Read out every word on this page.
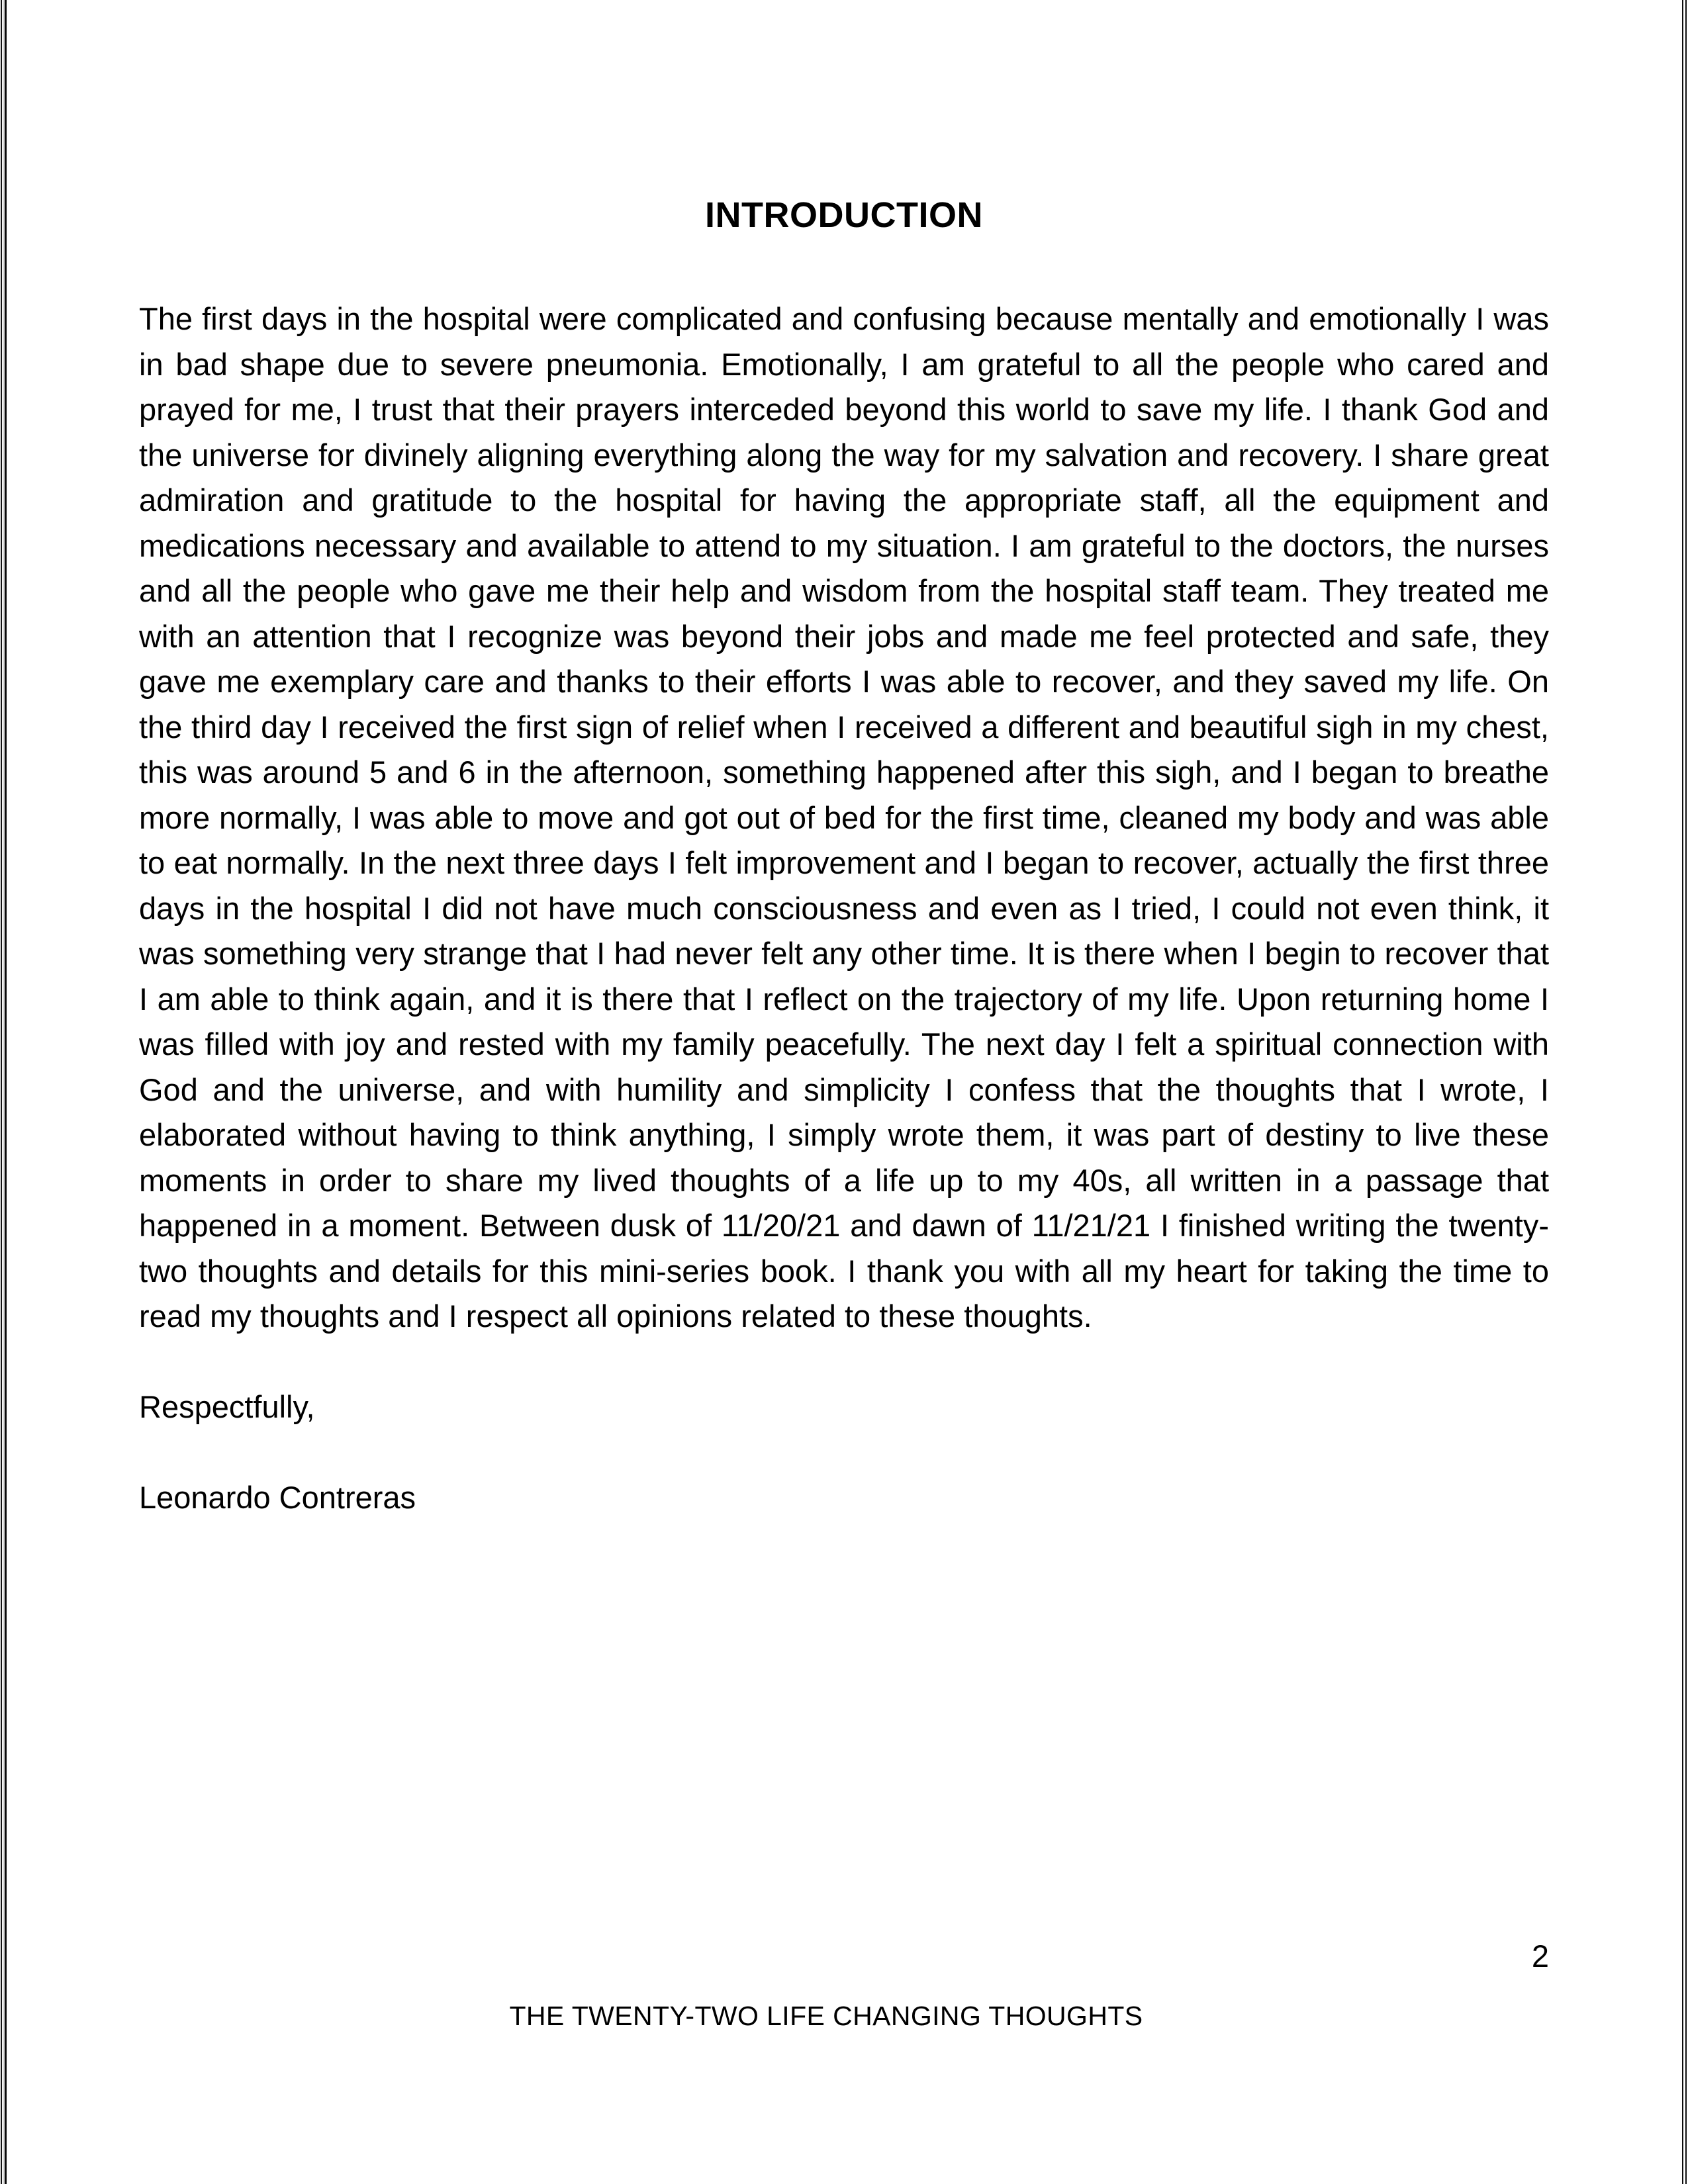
INTRODUCTION

The first days in the hospital were complicated and confusing because mentally and emotionally I was in bad shape due to severe pneumonia. Emotionally, I am grateful to all the people who cared and prayed for me, I trust that their prayers interceded beyond this world to save my life. I thank God and the universe for divinely aligning everything along the way for my salvation and recovery. I share great admiration and gratitude to the hospital for having the appropriate staff, all the equipment and medications necessary and available to attend to my situation. I am grateful to the doctors, the nurses and all the people who gave me their help and wisdom from the hospital staff team. They treated me with an attention that I recognize was beyond their jobs and made me feel protected and safe, they gave me exemplary care and thanks to their efforts I was able to recover, and they saved my life. On the third day I received the first sign of relief when I received a different and beautiful sigh in my chest, this was around 5 and 6 in the afternoon, something happened after this sigh, and I began to breathe more normally, I was able to move and got out of bed for the first time, cleaned my body and was able to eat normally. In the next three days I felt improvement and I began to recover, actually the first three days in the hospital I did not have much consciousness and even as I tried, I could not even think, it was something very strange that I had never felt any other time. It is there when I begin to recover that I am able to think again, and it is there that I reflect on the trajectory of my life. Upon returning home I was filled with joy and rested with my family peacefully. The next day I felt a spiritual connection with God and the universe, and with humility and simplicity I confess that the thoughts that I wrote, I elaborated without having to think anything, I simply wrote them, it was part of destiny to live these moments in order to share my lived thoughts of a life up to my 40s, all written in a passage that happened in a moment. Between dusk of 11/20/21 and dawn of 11/21/21 I finished writing the twenty-two thoughts and details for this mini-series book. I thank you with all my heart for taking the time to read my thoughts and I respect all opinions related to these thoughts.

Respectfully,

Leonardo Contreras

2
THE TWENTY-TWO LIFE CHANGING THOUGHTS
